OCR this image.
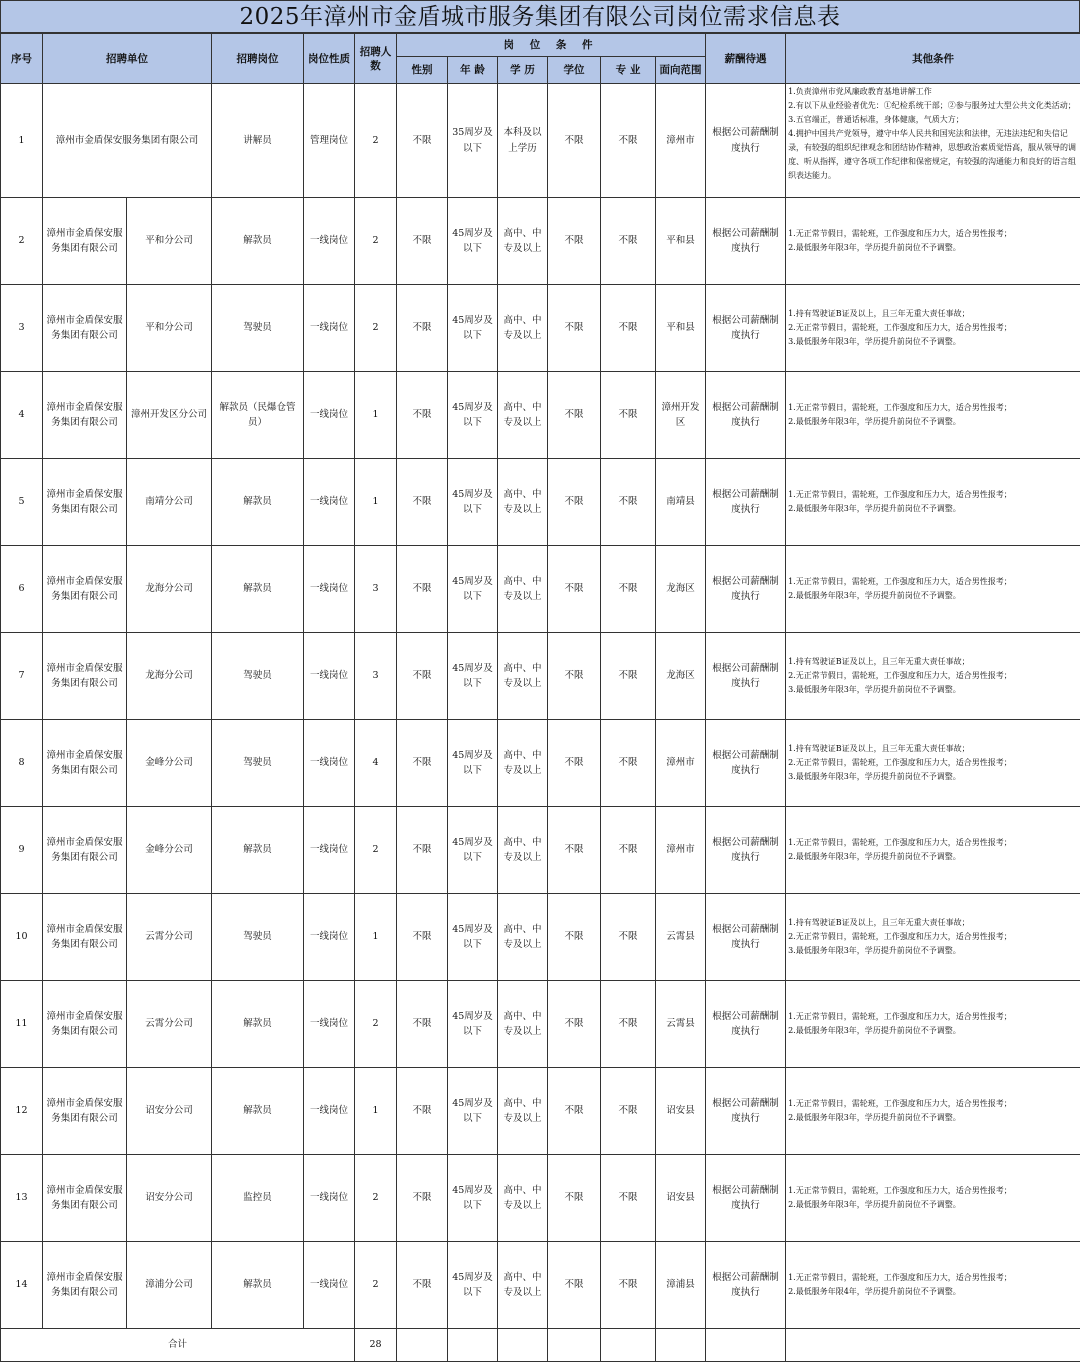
2025年漳州市金盾城市服务集团有限公司岗位需求信息表
序号	招聘单位		招聘岗位	岗位性质	招聘人数	岗 位 条 件						薪酬待遇	其他条件
						性别	年 龄	学 历	学位	专 业	面向范围		
1	漳州市金盾保安服务集团有限公司		讲解员	管理岗位	2	不限	35周岁及以下	本科及以上学历	不限	不限	漳州市	根据公司薪酬制度执行	1.负责漳州市党风廉政教育基地讲解工作
2.有以下从业经验者优先：①纪检系统干部；②参与服务过大型公共文化类活动；
3.五官端正，普通话标准，身体健康，气质大方；
4.拥护中国共产党领导，遵守中华人民共和国宪法和法律，无违法违纪和失信记录，有较强的组织纪律观念和团结协作精神，思想政治素质觉悟高，服从领导的调度、听从指挥，遵守各项工作纪律和保密规定，有较强的沟通能力和良好的语言组织表达能力。
2	漳州市金盾保安服务集团有限公司	平和分公司	解款员	一线岗位	2	不限	45周岁及以下	高中、中专及以上	不限	不限	平和县	根据公司薪酬制度执行	1.无正常节假日，需轮班，工作强度和压力大，适合男性报考；
2.最低服务年限3年，学历提升前岗位不予调整。
3	漳州市金盾保安服务集团有限公司	平和分公司	驾驶员	一线岗位	2	不限	45周岁及以下	高中、中专及以上	不限	不限	平和县	根据公司薪酬制度执行	1.持有驾驶证B证及以上，且三年无重大责任事故；
2.无正常节假日，需轮班，工作强度和压力大，适合男性报考；
3.最低服务年限3年，学历提升前岗位不予调整。
4	漳州市金盾保安服务集团有限公司	漳州开发区分公司	解款员（民爆仓管员）	一线岗位	1	不限	45周岁及以下	高中、中专及以上	不限	不限	漳州开发区	根据公司薪酬制度执行	1.无正常节假日，需轮班，工作强度和压力大，适合男性报考；
2.最低服务年限3年，学历提升前岗位不予调整。
5	漳州市金盾保安服务集团有限公司	南靖分公司	解款员	一线岗位	1	不限	45周岁及以下	高中、中专及以上	不限	不限	南靖县	根据公司薪酬制度执行	1.无正常节假日，需轮班，工作强度和压力大，适合男性报考；
2.最低服务年限3年，学历提升前岗位不予调整。
6	漳州市金盾保安服务集团有限公司	龙海分公司	解款员	一线岗位	3	不限	45周岁及以下	高中、中专及以上	不限	不限	龙海区	根据公司薪酬制度执行	1.无正常节假日，需轮班，工作强度和压力大，适合男性报考；
2.最低服务年限3年，学历提升前岗位不予调整。
7	漳州市金盾保安服务集团有限公司	龙海分公司	驾驶员	一线岗位	3	不限	45周岁及以下	高中、中专及以上	不限	不限	龙海区	根据公司薪酬制度执行	1.持有驾驶证B证及以上，且三年无重大责任事故；
2.无正常节假日，需轮班，工作强度和压力大，适合男性报考；
3.最低服务年限3年，学历提升前岗位不予调整。
8	漳州市金盾保安服务集团有限公司	金峰分公司	驾驶员	一线岗位	4	不限	45周岁及以下	高中、中专及以上	不限	不限	漳州市	根据公司薪酬制度执行	1.持有驾驶证B证及以上，且三年无重大责任事故；
2.无正常节假日，需轮班，工作强度和压力大，适合男性报考；
3.最低服务年限3年，学历提升前岗位不予调整。
9	漳州市金盾保安服务集团有限公司	金峰分公司	解款员	一线岗位	2	不限	45周岁及以下	高中、中专及以上	不限	不限	漳州市	根据公司薪酬制度执行	1.无正常节假日，需轮班，工作强度和压力大，适合男性报考；
2.最低服务年限3年，学历提升前岗位不予调整。
10	漳州市金盾保安服务集团有限公司	云霄分公司	驾驶员	一线岗位	1	不限	45周岁及以下	高中、中专及以上	不限	不限	云霄县	根据公司薪酬制度执行	1.持有驾驶证B证及以上，且三年无重大责任事故；
2.无正常节假日，需轮班，工作强度和压力大，适合男性报考；
3.最低服务年限3年，学历提升前岗位不予调整。
11	漳州市金盾保安服务集团有限公司	云霄分公司	解款员	一线岗位	2	不限	45周岁及以下	高中、中专及以上	不限	不限	云霄县	根据公司薪酬制度执行	1.无正常节假日，需轮班，工作强度和压力大，适合男性报考；
2.最低服务年限3年，学历提升前岗位不予调整。
12	漳州市金盾保安服务集团有限公司	诏安分公司	解款员	一线岗位	1	不限	45周岁及以下	高中、中专及以上	不限	不限	诏安县	根据公司薪酬制度执行	1.无正常节假日，需轮班，工作强度和压力大，适合男性报考；
2.最低服务年限3年，学历提升前岗位不予调整。
13	漳州市金盾保安服务集团有限公司	诏安分公司	监控员	一线岗位	2	不限	45周岁及以下	高中、中专及以上	不限	不限	诏安县	根据公司薪酬制度执行	1.无正常节假日，需轮班，工作强度和压力大，适合男性报考；
2.最低服务年限3年，学历提升前岗位不予调整。
14	漳州市金盾保安服务集团有限公司	漳浦分公司	解款员	一线岗位	2	不限	45周岁及以下	高中、中专及以上	不限	不限	漳浦县	根据公司薪酬制度执行	1.无正常节假日，需轮班，工作强度和压力大，适合男性报考；
2.最低服务年限4年，学历提升前岗位不予调整。
合计					28								
